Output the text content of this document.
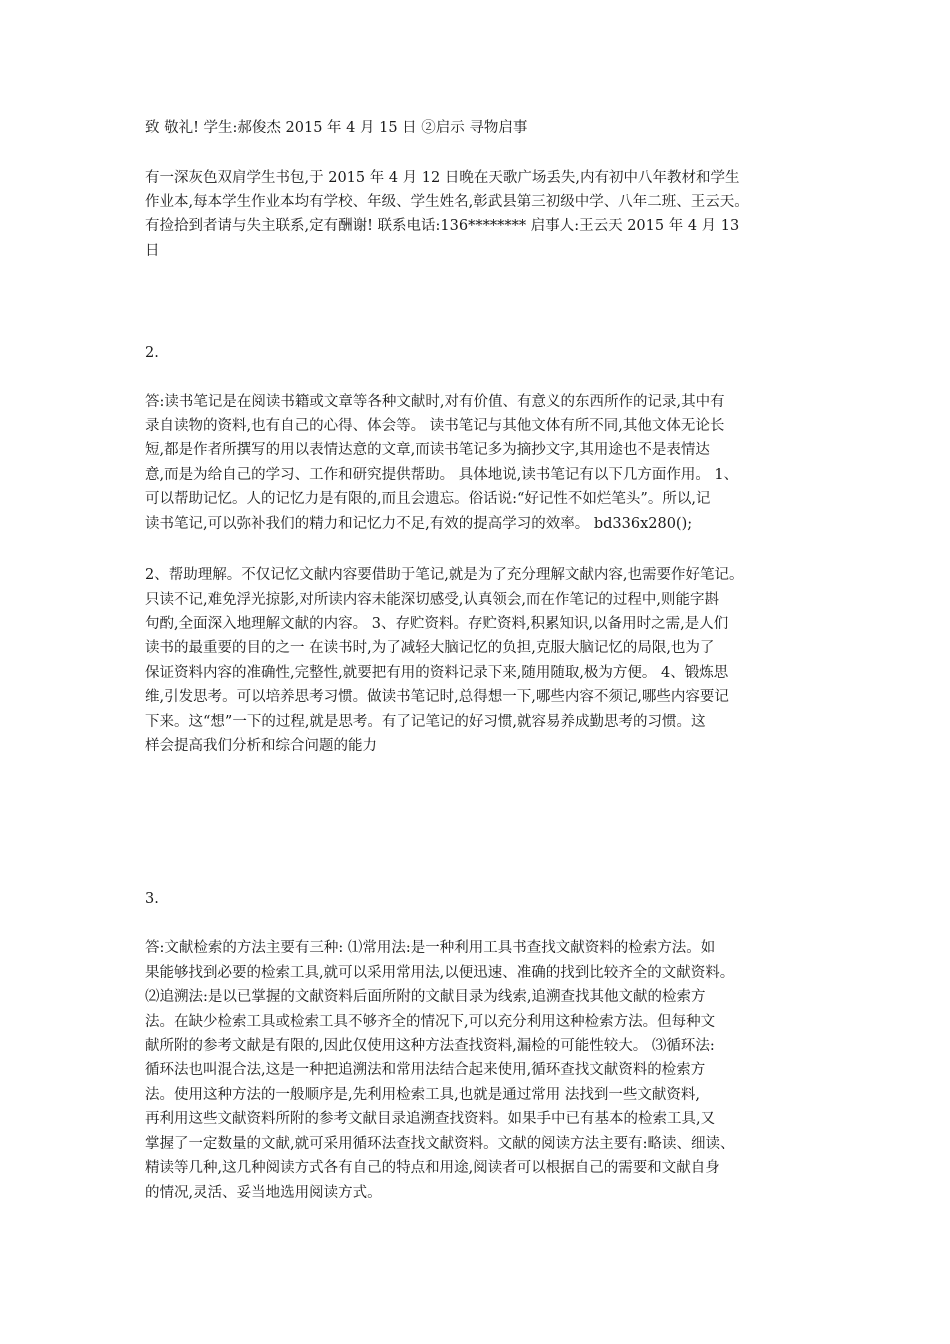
致 敬礼! 学生:郝俊杰 2015 年 4 月 15 日 ②启示 寻物启事
有一深灰色双肩学生书包,于 2015 年 4 月 12 日晚在天歌广场丢失,内有初中八年教材和学生
作业本,每本学生作业本均有学校、年级、学生姓名,彰武县第三初级中学、八年二班、王云天。
有捡拾到者请与失主联系,定有酬谢! 联系电话:136******** 启事人:王云天 2015 年 4 月 13
日
2.
答:读书笔记是在阅读书籍或文章等各种文献时,对有价值、有意义的东西所作的记录,其中有
录自读物的资料,也有自己的心得、体会等。 读书笔记与其他文体有所不同,其他文体无论长
短,都是作者所撰写的用以表情达意的文章,而读书笔记多为摘抄文字,其用途也不是表情达
意,而是为给自己的学习、工作和研究提供帮助。 具体地说,读书笔记有以下几方面作用。 1、
可以帮助记忆。人的记忆力是有限的,而且会遗忘。俗话说:“好记性不如烂笔头”。所以,记
读书笔记,可以弥补我们的精力和记忆力不足,有效的提高学习的效率。 bd336x280();
2、帮助理解。不仅记忆文献内容要借助于笔记,就是为了充分理解文献内容,也需要作好笔记。
只读不记,难免浮光掠影,对所读内容未能深切感受,认真领会,而在作笔记的过程中,则能字斟
句酌,全面深入地理解文献的内容。 3、存贮资料。存贮资料,积累知识,以备用时之需,是人们
读书的最重要的目的之一 在读书时,为了减轻大脑记忆的负担,克服大脑记忆的局限,也为了
保证资料内容的准确性,完整性,就要把有用的资料记录下来,随用随取,极为方便。 4、锻炼思
维,引发思考。可以培养思考习惯。做读书笔记时,总得想一下,哪些内容不须记,哪些内容要记
下来。这“想”一下的过程,就是思考。有了记笔记的好习惯,就容易养成勤思考的习惯。这
样会提高我们分析和综合问题的能力
3.
答:文献检索的方法主要有三种: ⑴常用法:是一种利用工具书查找文献资料的检索方法。如
果能够找到必要的检索工具,就可以采用常用法,以便迅速、准确的找到比较齐全的文献资料。
⑵追溯法:是以已掌握的文献资料后面所附的文献目录为线索,追溯查找其他文献的检索方
法。在缺少检索工具或检索工具不够齐全的情况下,可以充分利用这种检索方法。但每种文
献所附的参考文献是有限的,因此仅使用这种方法查找资料,漏检的可能性较大。 ⑶循环法:
循环法也叫混合法,这是一种把追溯法和常用法结合起来使用,循环查找文献资料的检索方
法。使用这种方法的一般顺序是,先利用检索工具,也就是通过常用 法找到一些文献资料,
再利用这些文献资料所附的参考文献目录追溯查找资料。如果手中已有基本的检索工具,又
掌握了一定数量的文献,就可采用循环法查找文献资料。文献的阅读方法主要有:略读、细读、
精读等几种,这几种阅读方式各有自己的特点和用途,阅读者可以根据自己的需要和文献自身
的情况,灵活、妥当地选用阅读方式。
